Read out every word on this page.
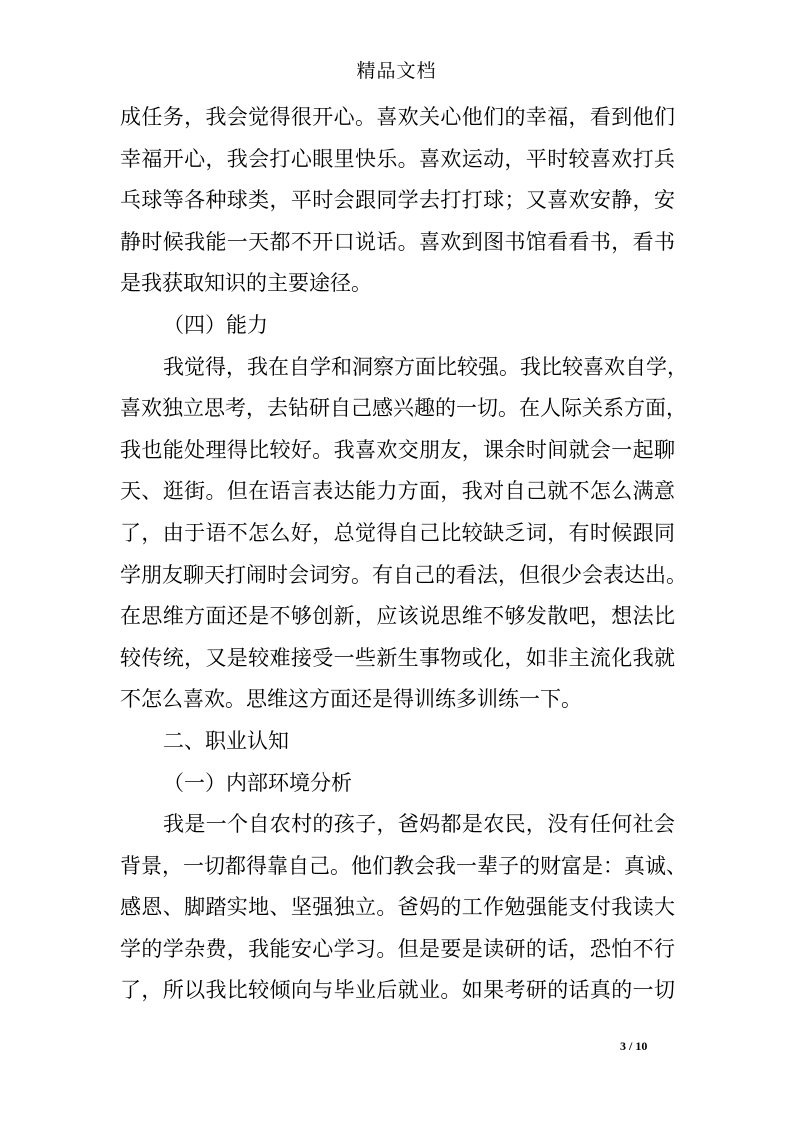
精品文档
成任务，我会觉得很开心。喜欢关心他们的幸福，看到他们
幸福开心，我会打心眼里快乐。喜欢运动，平时较喜欢打兵
乓球等各种球类，平时会跟同学去打打球；又喜欢安静，安
静时候我能一天都不开口说话。喜欢到图书馆看看书，看书
是我获取知识的主要途径。
（四）能力
我觉得，我在自学和洞察方面比较强。我比较喜欢自学，
喜欢独立思考，去钻研自己感兴趣的一切。在人际关系方面，
我也能处理得比较好。我喜欢交朋友，课余时间就会一起聊
天、逛街。但在语言表达能力方面，我对自己就不怎么满意
了，由于语不怎么好，总觉得自己比较缺乏词，有时候跟同
学朋友聊天打闹时会词穷。有自己的看法，但很少会表达出。
在思维方面还是不够创新，应该说思维不够发散吧，想法比
较传统，又是较难接受一些新生事物或化，如非主流化我就
不怎么喜欢。思维这方面还是得训练多训练一下。
二、职业认知
（一）内部环境分析
我是一个自农村的孩子，爸妈都是农民，没有任何社会
背景，一切都得靠自己。他们教会我一辈子的财富是：真诚、
感恩、脚踏实地、坚强独立。爸妈的工作勉强能支付我读大
学的学杂费，我能安心学习。但是要是读研的话，恐怕不行
了，所以我比较倾向与毕业后就业。如果考研的话真的一切
3 / 10
